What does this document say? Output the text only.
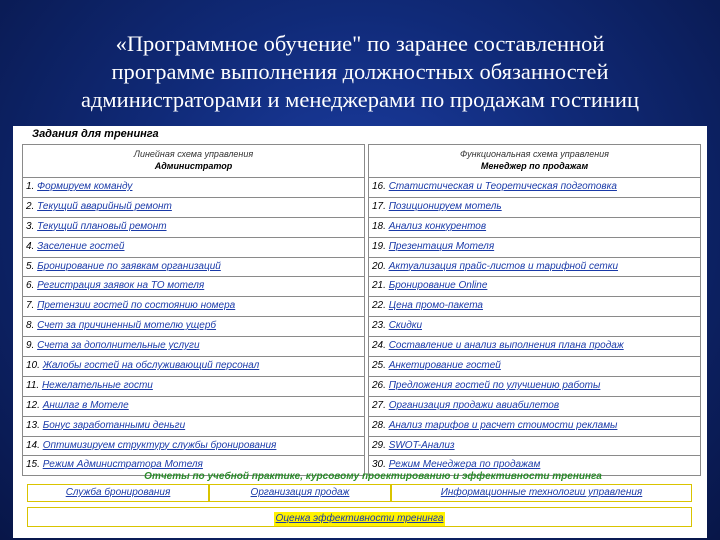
«Программное обучение" по заранее составленной
программе выполнения должностных обязанностей
администраторами и менеджерами по продажам гостиниц
Задания для тренинга
Линейная схема управления
Администратор
Функциональная схема управления
Менеджер по продажам
1. Формируем команду
2. Текущий аварийный ремонт
3. Текущий плановый ремонт
4. Заселение гостей
5. Бронирование по заявкам организаций
6. Регистрация заявок на ТО мотеля
7. Претензии гостей по состоянию номера
8. Счет за причиненный мотелю ущерб
9. Счета за дополнительные услуги
10. Жалобы гостей на обслуживающий персонал
11. Нежелательные гости
12. Аншлаг в Мотеле
13. Бонус заработанными деньги
14. Оптимизируем структуру службы бронирования
15. Режим Администратора Мотеля
16. Статистическая и Теоретическая подготовка
17. Позиционируем мотель
18. Анализ конкурентов
19. Презентация Мотеля
20. Актуализация прайс-листов и тарифной сетки
21. Бронирование Online
22. Цена промо-пакета
23. Скидки
24. Составление и анализ выполнения плана продаж
25. Анкетирование гостей
26. Предложения гостей по улучшению работы
27. Организация продажи авиабилетов
28. Анализ тарифов и расчет стоимости рекламы
29. SWOT-Анализ
30. Режим Менеджера по продажам
Отчеты по учебной практике, курсовому проектированию и эффективности тренинга
Служба бронирования	Организация продаж	Информационные технологии управления
Оценка эффективности тренинга
